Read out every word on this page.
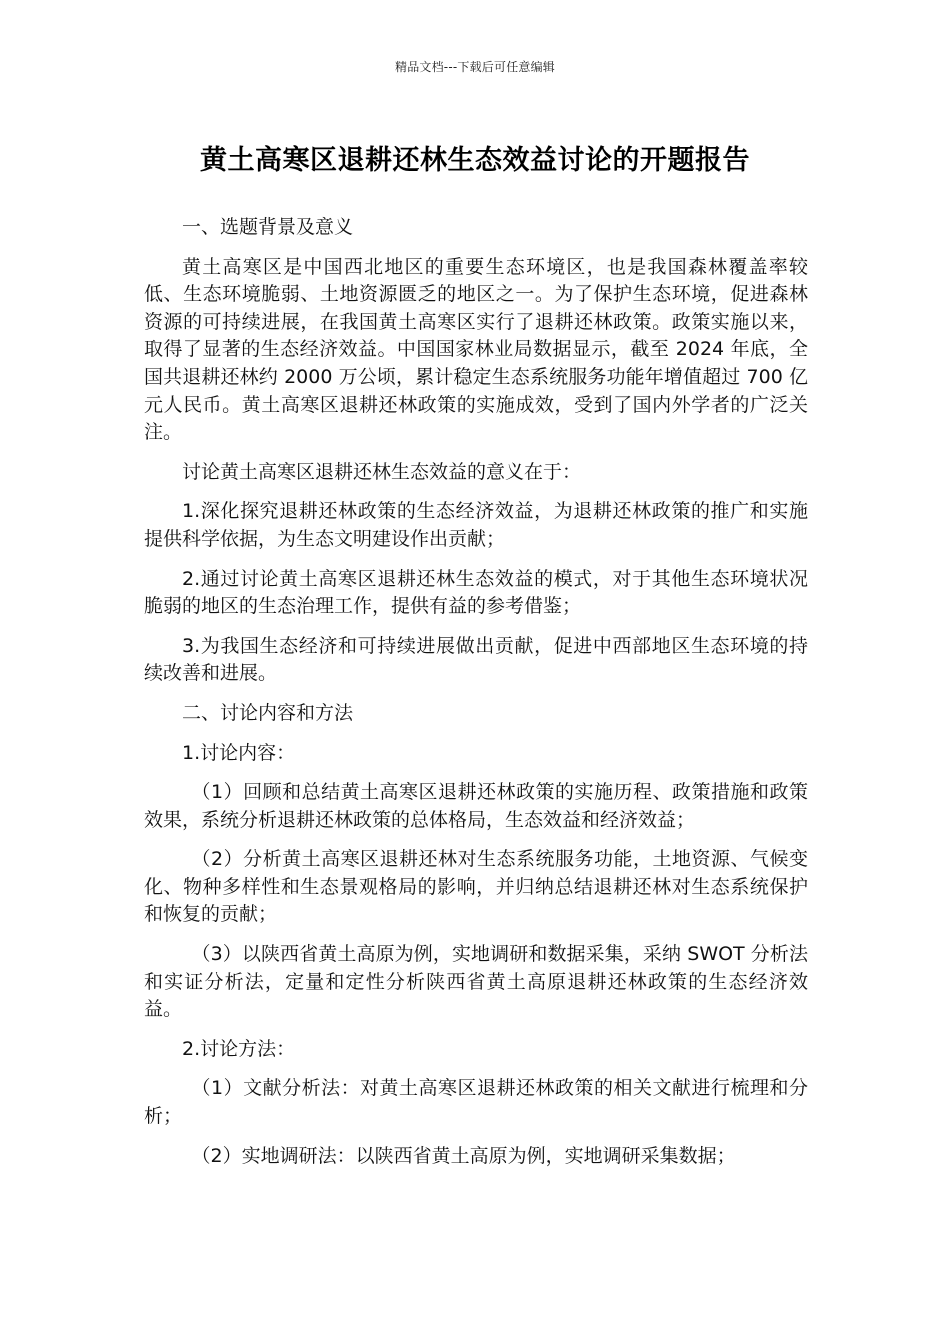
精品文档---下载后可任意编辑
黄土高寒区退耕还林生态效益讨论的开题报告

一、选题背景及意义

黄土高寒区是中国西北地区的重要生态环境区，也是我国森林覆盖率较低、生态环境脆弱、土地资源匮乏的地区之一。为了保护生态环境，促进森林资源的可持续进展，在我国黄土高寒区实行了退耕还林政策。政策实施以来，取得了显著的生态经济效益。中国国家林业局数据显示，截至 2024 年底，全国共退耕还林约 2000 万公顷，累计稳定生态系统服务功能年增值超过 700 亿元人民币。黄土高寒区退耕还林政策的实施成效，受到了国内外学者的广泛关注。

讨论黄土高寒区退耕还林生态效益的意义在于：

1.深化探究退耕还林政策的生态经济效益，为退耕还林政策的推广和实施提供科学依据，为生态文明建设作出贡献；

2.通过讨论黄土高寒区退耕还林生态效益的模式，对于其他生态环境状况脆弱的地区的生态治理工作，提供有益的参考借鉴；

3.为我国生态经济和可持续进展做出贡献，促进中西部地区生态环境的持续改善和进展。

二、讨论内容和方法

1.讨论内容：

（1）回顾和总结黄土高寒区退耕还林政策的实施历程、政策措施和政策效果，系统分析退耕还林政策的总体格局，生态效益和经济效益；

（2）分析黄土高寒区退耕还林对生态系统服务功能，土地资源、气候变化、物种多样性和生态景观格局的影响，并归纳总结退耕还林对生态系统保护和恢复的贡献；

（3）以陕西省黄土高原为例，实地调研和数据采集，采纳 SWOT 分析法和实证分析法，定量和定性分析陕西省黄土高原退耕还林政策的生态经济效益。

2.讨论方法：

（1）文献分析法：对黄土高寒区退耕还林政策的相关文献进行梳理和分析；

（2）实地调研法：以陕西省黄土高原为例，实地调研采集数据；
